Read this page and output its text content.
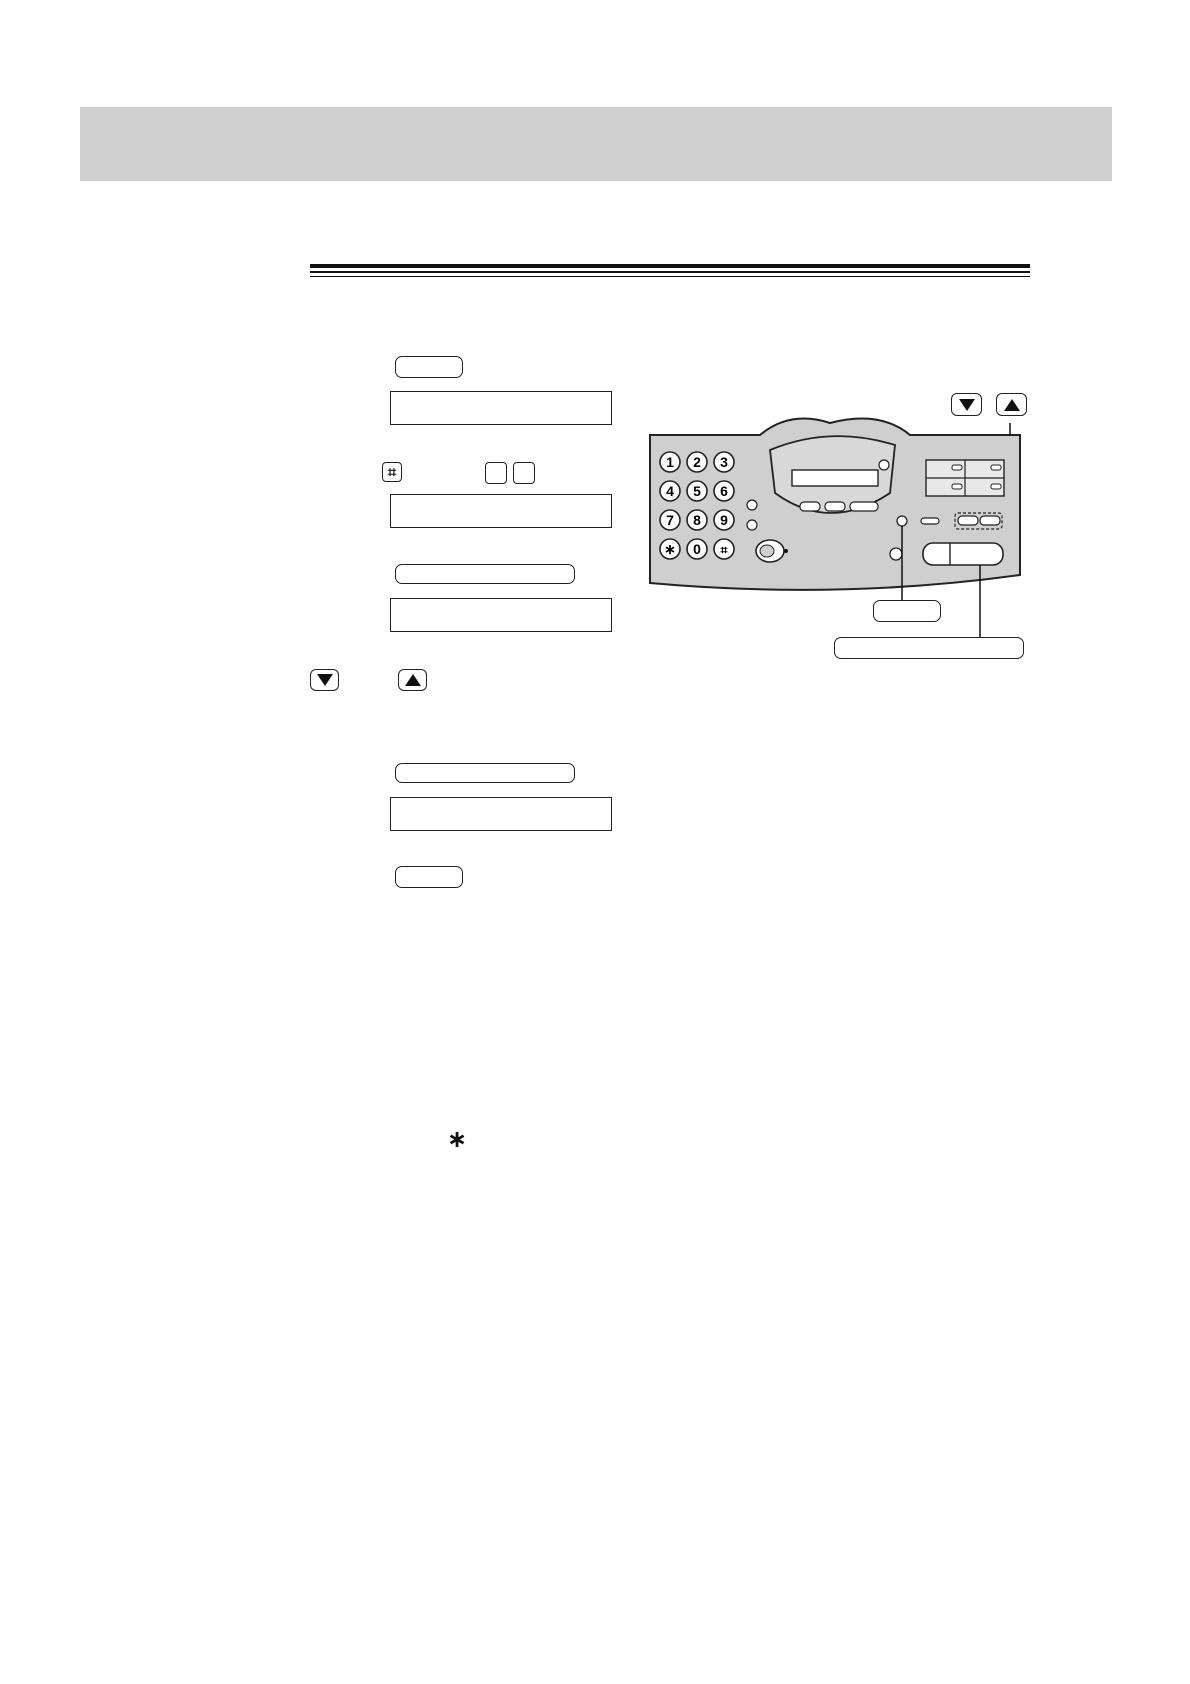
⌗
∗
1 2 3
4 5 6
7 8 9
∗ 0 ⌗
